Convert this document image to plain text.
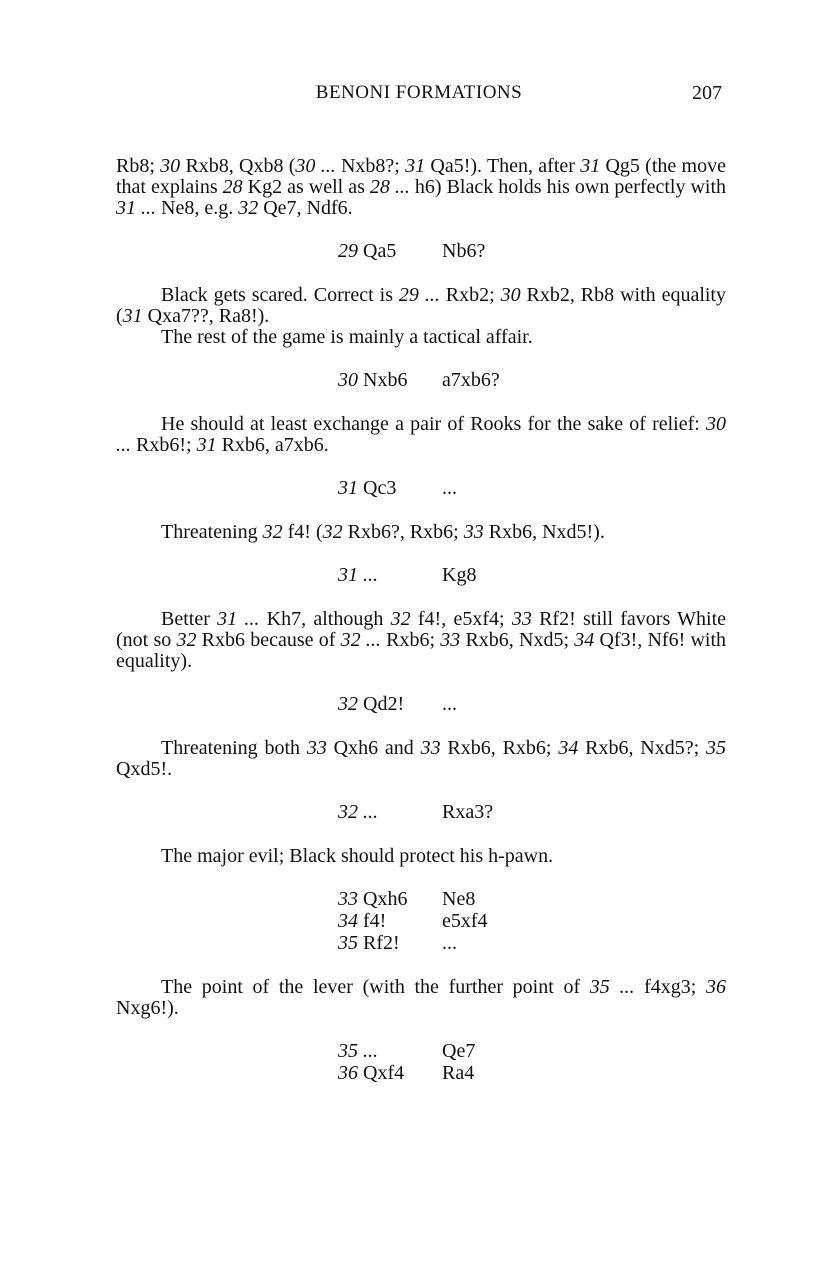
BENONI FORMATIONS	207

Rb8; 30 Rxb8, Qxb8 (30 ... Nxb8?; 31 Qa5!). Then, after 31 Qg5 (the move that explains 28 Kg2 as well as 28 ... h6) Black holds his own perfectly with 31 ... Ne8, e.g. 32 Qe7, Ndf6.

29 Qa5	Nb6?

Black gets scared. Correct is 29 ... Rxb2; 30 Rxb2, Rb8 with equality (31 Qxa7??, Ra8!).

The rest of the game is mainly a tactical affair.

30 Nxb6	a7xb6?

He should at least exchange a pair of Rooks for the sake of relief: 30 ... Rxb6!; 31 Rxb6, a7xb6.

31 Qc3	...

Threatening 32 f4! (32 Rxb6?, Rxb6; 33 Rxb6, Nxd5!).

31 ...	Kg8

Better 31 ... Kh7, although 32 f4!, e5xf4; 33 Rf2! still favors White (not so 32 Rxb6 because of 32 ... Rxb6; 33 Rxb6, Nxd5; 34 Qf3!, Nf6! with equality).

32 Qd2!	...

Threatening both 33 Qxh6 and 33 Rxb6, Rxb6; 34 Rxb6, Nxd5?; 35 Qxd5!.

32 ...	Rxa3?

The major evil; Black should protect his h-pawn.

33 Qxh6	Ne8
34 f4!	e5xf4
35 Rf2!	...

The point of the lever (with the further point of 35 ... f4xg3; 36 Nxg6!).

35 ...	Qe7
36 Qxf4	Ra4
